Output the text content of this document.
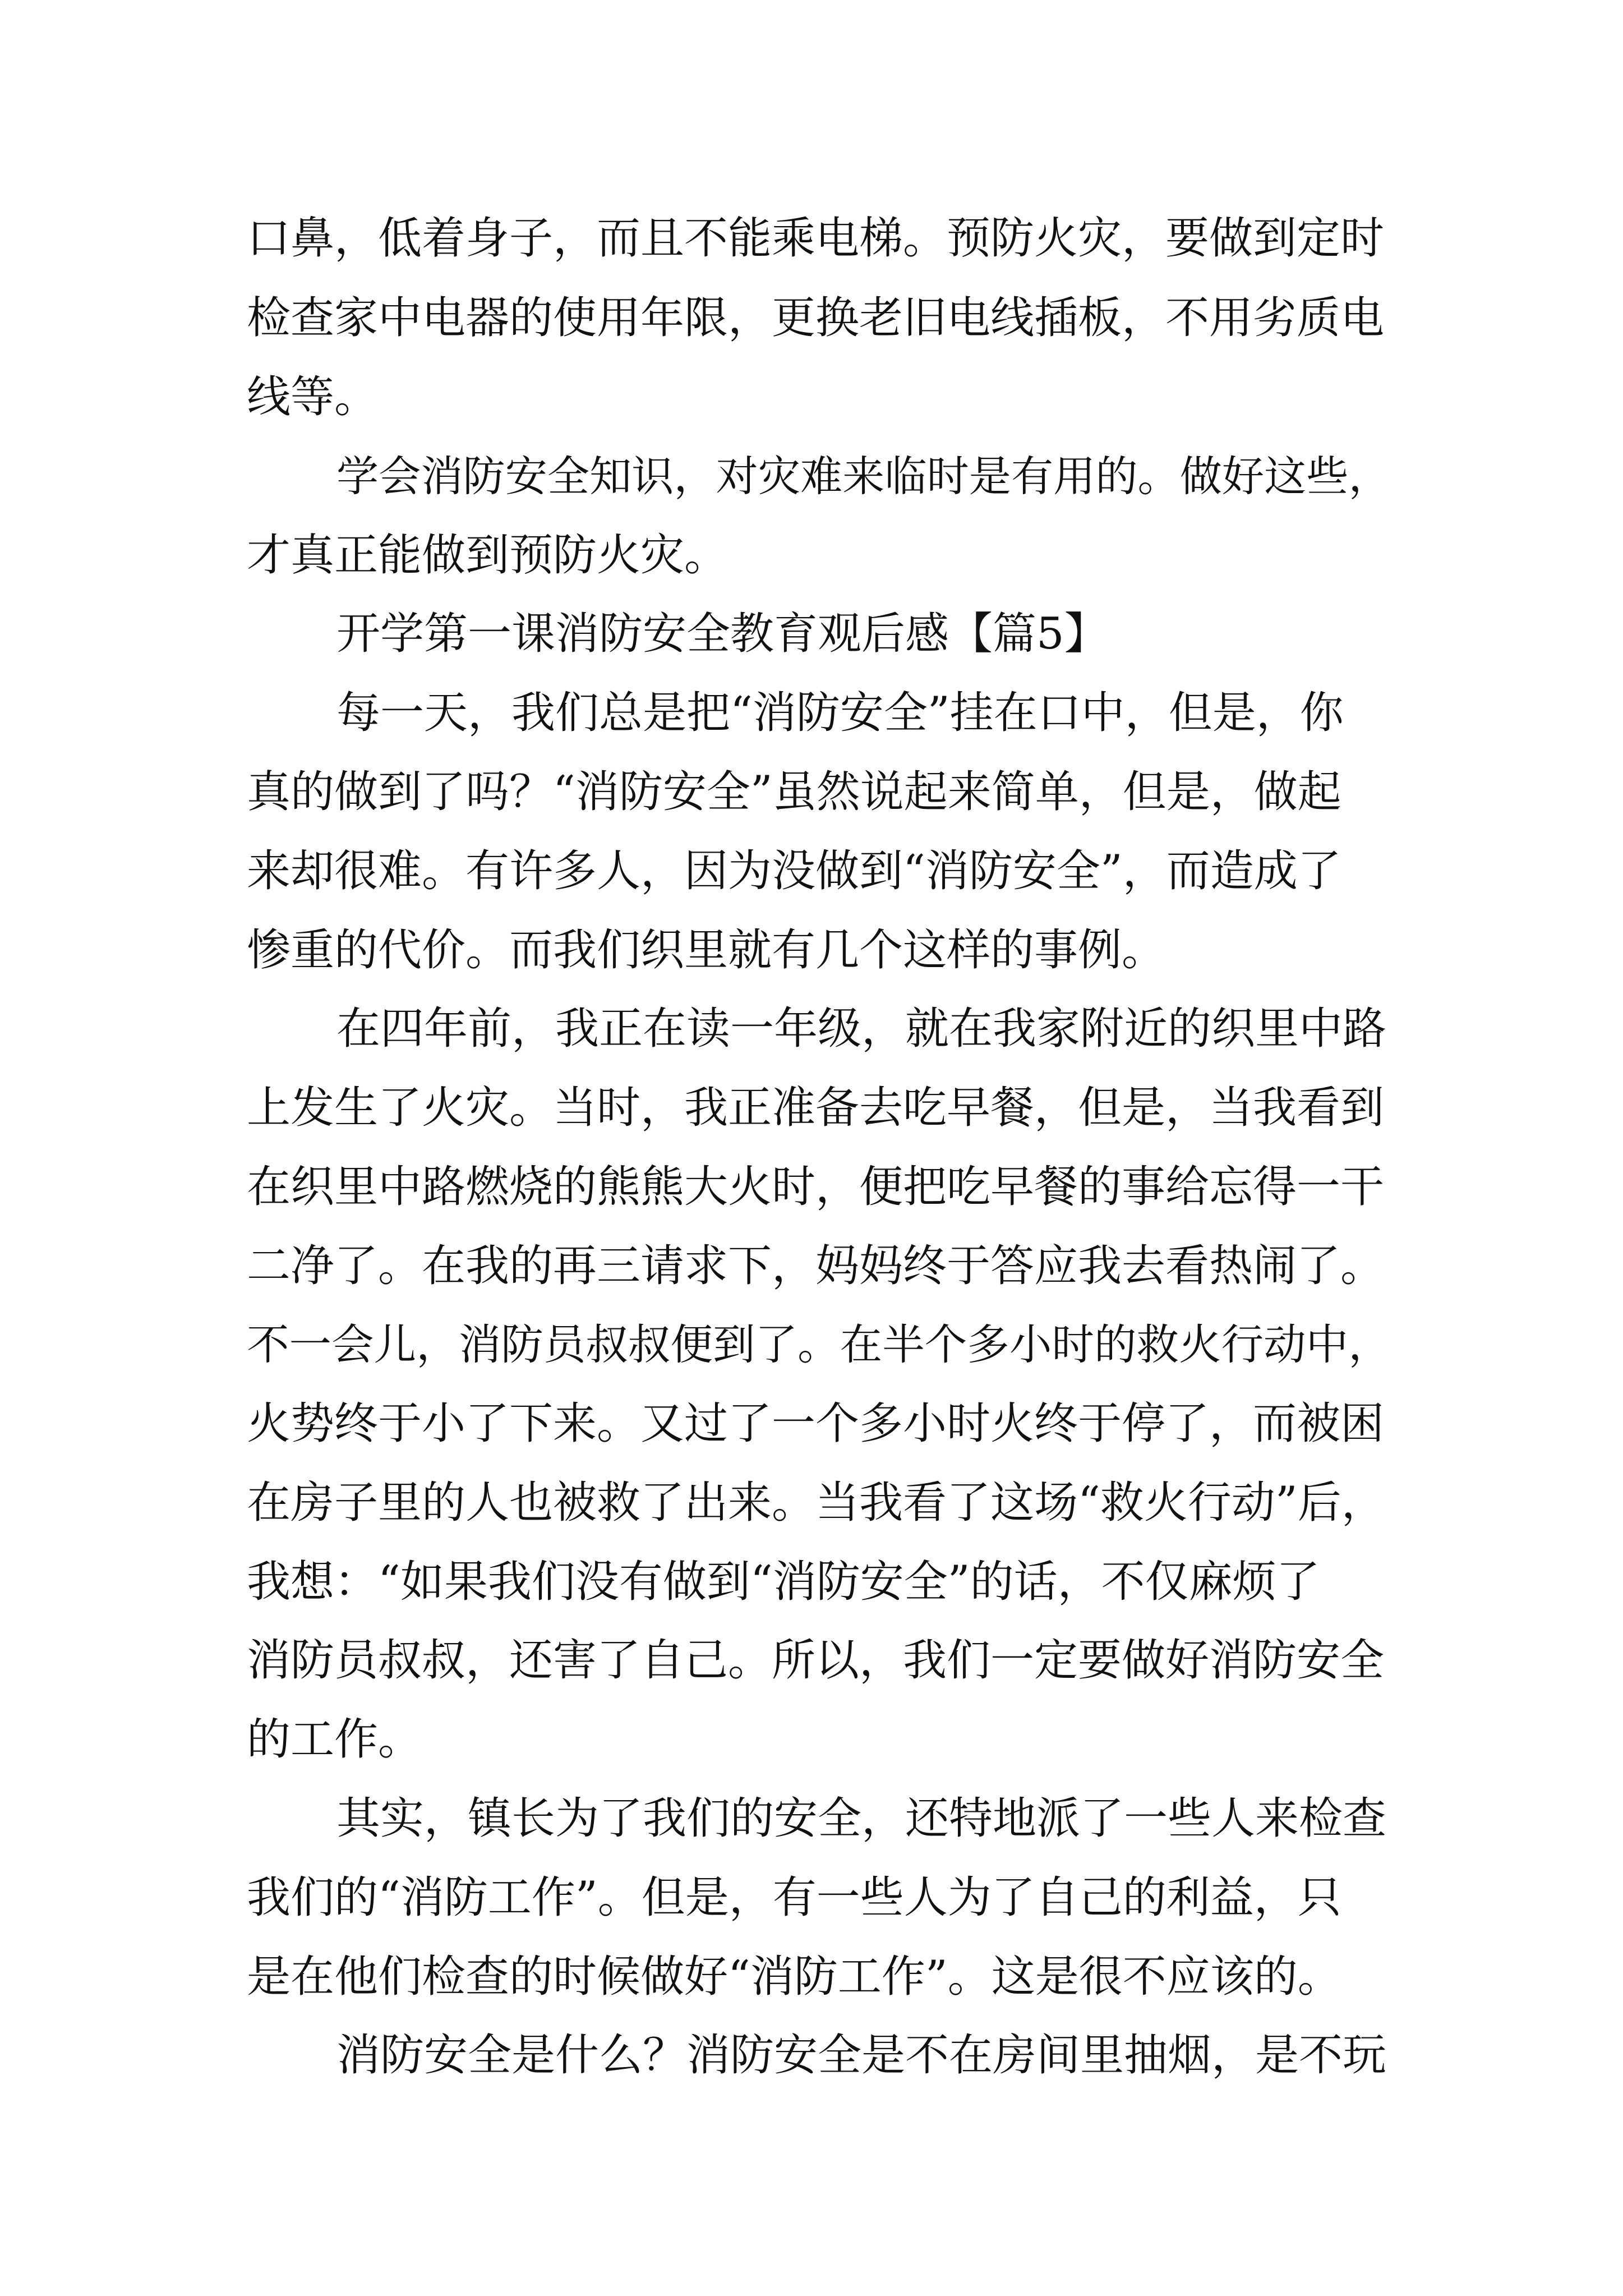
口鼻，低着身子，而且不能乘电梯。预防火灾，要做到定时
检查家中电器的使用年限，更换老旧电线插板，不用劣质电
线等。
学会消防安全知识，对灾难来临时是有用的。做好这些，
才真正能做到预防火灾。
开学第一课消防安全教育观后感【篇5】
每一天，我们总是把“消防安全”挂在口中，但是，你
真的做到了吗？“消防安全”虽然说起来简单，但是，做起
来却很难。有许多人，因为没做到“消防安全”，而造成了
惨重的代价。而我们织里就有几个这样的事例。
在四年前，我正在读一年级，就在我家附近的织里中路
上发生了火灾。当时，我正准备去吃早餐，但是，当我看到
在织里中路燃烧的熊熊大火时，便把吃早餐的事给忘得一干
二净了。在我的再三请求下，妈妈终于答应我去看热闹了。
不一会儿，消防员叔叔便到了。在半个多小时的救火行动中，
火势终于小了下来。又过了一个多小时火终于停了，而被困
在房子里的人也被救了出来。当我看了这场“救火行动”后，
我想：“如果我们没有做到“消防安全”的话，不仅麻烦了
消防员叔叔，还害了自己。所以，我们一定要做好消防安全
的工作。
其实，镇长为了我们的安全，还特地派了一些人来检查
我们的“消防工作”。但是，有一些人为了自己的利益，只
是在他们检查的时候做好“消防工作”。这是很不应该的。
消防安全是什么？消防安全是不在房间里抽烟，是不玩
